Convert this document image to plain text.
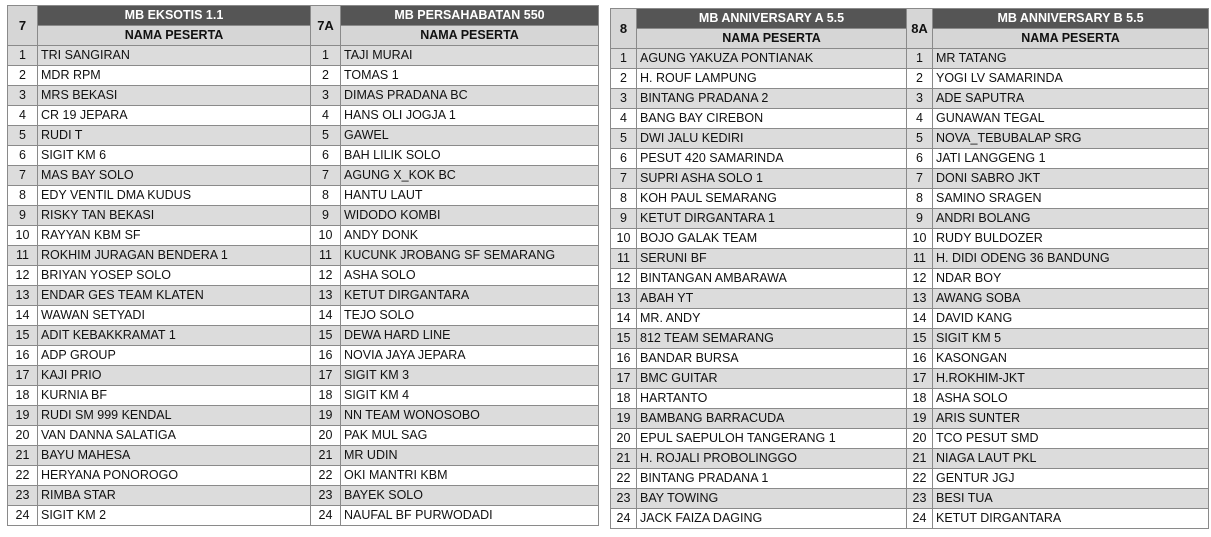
7	MB EKSOTIS 1.1	7A	MB PERSAHABATAN 550
	NAMA PESERTA		NAMA PESERTA
1	TRI SANGIRAN	1	TAJI MURAI
2	MDR RPM	2	TOMAS 1
3	MRS BEKASI	3	DIMAS PRADANA BC
4	CR 19 JEPARA	4	HANS OLI JOGJA 1
5	RUDI T	5	GAWEL
6	SIGIT KM 6	6	BAH LILIK SOLO
7	MAS BAY SOLO	7	AGUNG X_KOK BC
8	EDY VENTIL DMA KUDUS	8	HANTU LAUT
9	RISKY TAN BEKASI	9	WIDODO KOMBI
10	RAYYAN KBM SF	10	ANDY DONK
11	ROKHIM JURAGAN BENDERA 1	11	KUCUNK JROBANG SF SEMARANG
12	BRIYAN YOSEP SOLO	12	ASHA SOLO
13	ENDAR GES TEAM KLATEN	13	KETUT DIRGANTARA
14	WAWAN SETYADI	14	TEJO SOLO
15	ADIT KEBAKKRAMAT 1	15	DEWA HARD LINE
16	ADP GROUP	16	NOVIA JAYA JEPARA
17	KAJI PRIO	17	SIGIT KM 3
18	KURNIA BF	18	SIGIT KM 4
19	RUDI SM 999 KENDAL	19	NN TEAM WONOSOBO
20	VAN DANNA SALATIGA	20	PAK MUL SAG
21	BAYU MAHESA	21	MR UDIN
22	HERYANA PONOROGO	22	OKI MANTRI KBM
23	RIMBA STAR	23	BAYEK SOLO
24	SIGIT KM 2	24	NAUFAL BF PURWODADI
8	MB ANNIVERSARY A 5.5	8A	MB ANNIVERSARY B 5.5
	NAMA PESERTA		NAMA PESERTA
1	AGUNG YAKUZA PONTIANAK	1	MR TATANG
2	H. ROUF LAMPUNG	2	YOGI LV SAMARINDA
3	BINTANG PRADANA 2	3	ADE SAPUTRA
4	BANG BAY CIREBON	4	GUNAWAN TEGAL
5	DWI JALU KEDIRI	5	NOVA_TEBUBALAP SRG
6	PESUT 420 SAMARINDA	6	JATI LANGGENG 1
7	SUPRI ASHA SOLO 1	7	DONI SABRO JKT
8	KOH PAUL SEMARANG	8	SAMINO SRAGEN
9	KETUT DIRGANTARA 1	9	ANDRI BOLANG
10	BOJO GALAK TEAM	10	RUDY BULDOZER
11	SERUNI BF	11	H. DIDI ODENG 36 BANDUNG
12	BINTANGAN AMBARAWA	12	NDAR BOY
13	ABAH YT	13	AWANG SOBA
14	MR. ANDY	14	DAVID KANG
15	812 TEAM SEMARANG	15	SIGIT KM 5
16	BANDAR BURSA	16	KASONGAN
17	BMC GUITAR	17	H.ROKHIM-JKT
18	HARTANTO	18	ASHA SOLO
19	BAMBANG BARRACUDA	19	ARIS SUNTER
20	EPUL SAEPULOH TANGERANG 1	20	TCO PESUT SMD
21	H. ROJALI PROBOLINGGO	21	NIAGA LAUT PKL
22	BINTANG PRADANA 1	22	GENTUR JGJ
23	BAY TOWING	23	BESI TUA
24	JACK FAIZA DAGING	24	KETUT DIRGANTARA
